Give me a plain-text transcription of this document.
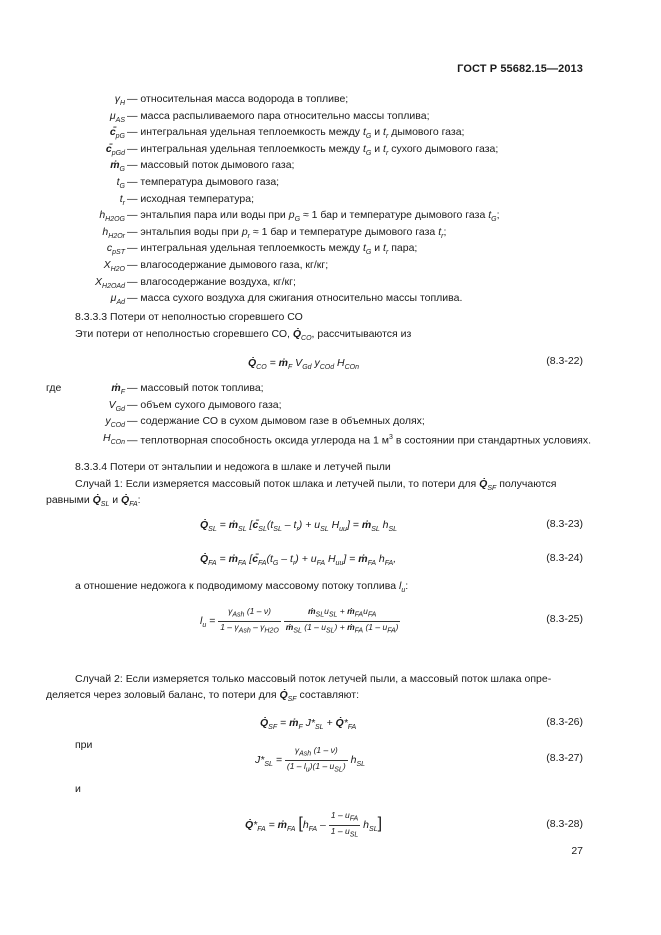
ГОСТ Р 55682.15—2013
$\gamma_H$ — относительная масса водорода в топливе;
$\mu_{AS}$ — масса распыливаемого пара относительно массы топлива;
$c̄_{pG}$ — интегральная удельная теплоемкость между $t_G$ и $t_r$ дымового газа;
$c̄_{pGd}$ — интегральная удельная теплоемкость между $t_G$ и $t_r$ сухого дымового газа;
ṁ$_G$ — массовый поток дымового газа;
$t_G$ — температура дымового газа;
$t_r$ — исходная температура;
$h_{H2OG}$ — энтальпия пара или воды при $p_G \approx 1$ бар и температуре дымового газа $t_G$;
$h_{H2Or}$ — энтальпия воды при $p_r \approx 1$ бар и температуре дымового газа $t_r$;
$c_{pST}$ — интегральная удельная теплоемкость между $t_G$ и $t_r$ пара;
$X_{H2O}$ — влагосодержание дымового газа, кг/кг;
$X_{H2OAd}$ — влагосодержание воздуха, кг/кг;
$\mu_{Ad}$ — масса сухого воздуха для сжигания относительно массы топлива.
8.3.3.3 Потери от неполностью сгоревшего СО
Эти потери от неполностью сгоревшего СО, $Q̇_{CO}$, рассчитываются из
$Q̇_{CO}$ = ṁ$_F$ $V_{Gd}$ $y_{COd}$ $H_{COn}$
(8.3-22)
где	ṁ$_F$ — массовый поток топлива;
$V_{Gd}$ — объем сухого дымового газа;
$y_{COd}$ — содержание СО в сухом дымовом газе в объемных долях;
$H_{COn}$ — теплотворная способность оксида углерода на 1 $м^3$ в состоянии при стандартных условиях.
8.3.3.4 Потери от энтальпии и недожога в шлаке и летучей пыли
Случай 1: Если измеряется массовый поток шлака и летучей пыли, то потери для $Q̇_{SF}$ получаются
равными $Q̇_{SL}$ и $Q̇_{FA}$:
$Q̇_{SL}$ = ṁ$_{SL}$ [$c̄_{SL}(t_{SL} - t_r) + u_{SL}$ $H_{uu}$] = ṁ$_{SL}$ $h_{SL}$	(8.3-23)
$Q̇_{FA}$ = ṁ$_{FA}$ [$c̄_{FA}(t_G - t_r) + u_{FA}$ $H_{uu}$] = ṁ$_{FA}$ $h_{FA}$,	(8.3-24)
а отношение недожога к подводимому массовому потоку топлива $l_u$:
$l_u = \frac{\gamma_{Ash} (1 - \nu)}{1 - \gamma_{Ash} - \gamma_{H2O}}$
$\frac{ṁ_{SL}u_{SL} + ṁ_{FA}u_{FA}}{ṁ_{SL} (1 - u_{SL}) + ṁ_{FA} (1 - u_{FA})}$	(8.3-25)
Случай 2: Если измеряется только массовый поток летучей пыли, а массовый поток шлака опре-
деляется через золовый баланс, то потери для $Q̇_{SF}$ составляют:
$Q̇_{SF}$ = ṁ$_F$ $J*_{SL}$ + $Q̇*_{FA}$	(8.3-26)
при
$J*_{SL} = \frac{\gamma_{Ash} (1 - \nu)}{(1 - l_u)(1 - u_{SL})} h_{SL}$
(8.3-27)
и
$Q̇*_{FA}$ = ṁ$_{FA}$ $[h_{FA} - \frac{1 - u_{FA}}{1 - u_{SL}} h_{SL}]$	(8.3-28)
27
